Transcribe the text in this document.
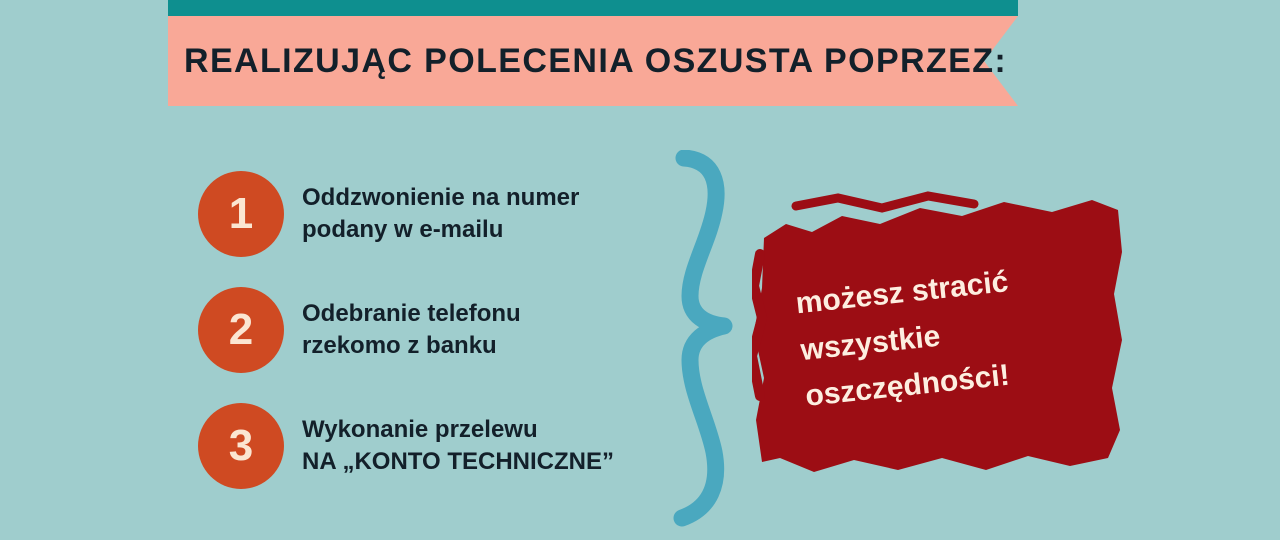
REALIZUJĄC POLECENIA OSZUSTA POPRZEZ:
1	Oddzwonienie na numer
podany w e-mailu
2	Odebranie telefonu
rzekomo z banku
3	Wykonanie przelewu
NA „KONTO TECHNICZNE”
możesz stracić
wszystkie
oszczędności!
